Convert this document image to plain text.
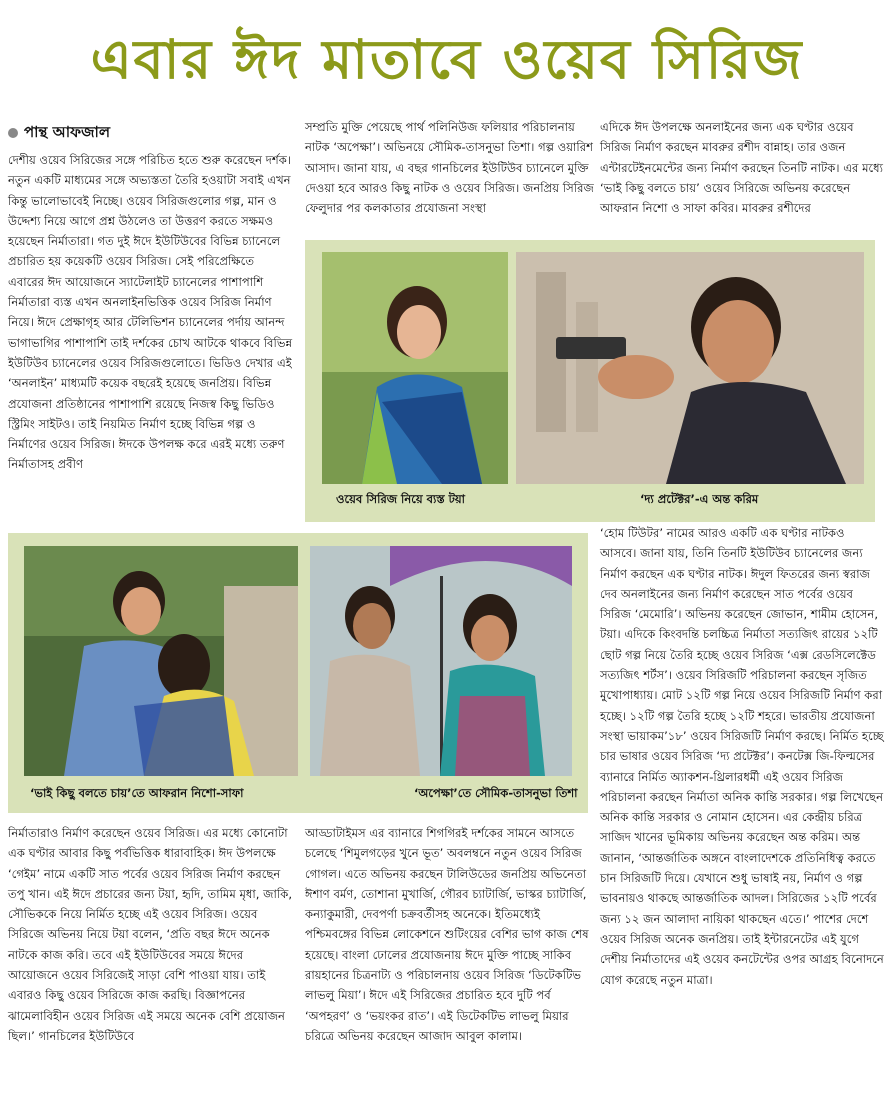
এবার ঈদ মাতাবে ওয়েব সিরিজ
পান্থ আফজাল

দেশীয় ওয়েব সিরিজের সঙ্গে পরিচিত হতে শুরু করেছেন দর্শক। নতুন একটি মাধ্যমের সঙ্গে অভ্যস্ততা তৈরি হওয়াটা সবাই এখন কিন্তু ভালোভাবেই নিচ্ছে। ওয়েব সিরিজগুলোর গল্প, মান ও উদ্দেশ্য নিয়ে আগে প্রশ্ন উঠলেও তা উত্তরণ করতে সক্ষমও হয়েছেন নির্মাতারা। গত দুই ঈদে ইউটিউবের বিভিন্ন চ্যানেলে প্রচারিত হয় কয়েকটি ওয়েব সিরিজ। সেই পরিপ্রেক্ষিতে এবারের ঈদ আয়োজনে স্যাটেলাইট চ্যানেলের পাশাপাশি নির্মাতারা ব্যস্ত এখন অনলাইনভিত্তিক ওয়েব সিরিজ নির্মাণ নিয়ে। ঈদে প্রেক্ষাগৃহ আর টেলিভিশন চ্যানেলের পর্দায় আনন্দ ভাগাভাগির পাশাপাশি তাই দর্শকের চোখ আটকে থাকবে বিভিন্ন ইউটিউব চ্যানেলের ওয়েব সিরিজগুলোতে। ভিডিও দেখার এই ‘অনলাইন’ মাধ্যমটি কয়েক বছরেই হয়েছে জনপ্রিয়। বিভিন্ন প্রযোজনা প্রতিষ্ঠানের পাশাপাশি রয়েছে নিজস্ব কিছু ভিডিও স্ট্রিমিং সাইটও। তাই নিয়মিত নির্মাণ হচ্ছে বিভিন্ন গল্প ও নির্মাণের ওয়েব সিরিজ। ঈদকে উপলক্ষ করে এরই মধ্যে তরুণ নির্মাতাসহ প্রবীণ

সম্প্রতি মুক্তি পেয়েছে পার্থ পলিনিউজ ফলিয়ার পরিচালনায় নাটক ‘অপেক্ষা’। অভিনয়ে সৌমিক-তাসনুভা তিশা। গল্প ওয়ারিশ আসাদ। জানা যায়, এ বছর গানচিলের ইউটিউব চ্যানেলে মুক্তি দেওয়া হবে আরও কিছু নাটক ও ওয়েব সিরিজ। জনপ্রিয় সিরিজ ফেলুদার পর কলকাতার প্রযোজনা সংস্থা

এদিকে ঈদ উপলক্ষে অনলাইনের জন্য এক ঘণ্টার ওয়েব সিরিজ নির্মাণ করছেন মাবরুর রশীদ বান্নাহ। তার ওজন এন্টারটেইনমেন্টের জন্য নির্মাণ করছেন তিনটি নাটক। এর মধ্যে ‘ভাই কিছু বলতে চায়’ ওয়েব সিরিজে অভিনয় করেছেন আফরান নিশো ও সাফা কবির। মাবরুর রশীদের

ওয়েব সিরিজ নিয়ে ব্যস্ত টয়া	‘দ্য প্রটেক্টর’-এ অন্ত করিম

‘হোম টিউটর’ নামের আরও একটি এক ঘণ্টার নাটকও আসবে। জানা যায়, তিনি তিনটি ইউটিউব চ্যানেলের জন্য নির্মাণ করছেন এক ঘণ্টার নাটক। ঈদুল ফিতরের জন্য স্বরাজ দেব অনলাইনের জন্য নির্মাণ করেছেন সাত পর্বের ওয়েব সিরিজ ‘মেমোরি’। অভিনয় করেছেন জোভান, শামীম হোসেন, টয়া। এদিকে কিংবদন্তি চলচ্চিত্র নির্মাতা সত্যজিৎ রায়ের ১২টি ছোট গল্প নিয়ে তৈরি হচ্ছে ওয়েব সিরিজ ‘এক্স রেডসিলেক্টেড সত্যজিৎ শর্টস’। ওয়েব সিরিজটি পরিচালনা করছেন সৃজিত মুখোপাধ্যায়। মোট ১২টি গল্প নিয়ে ওয়েব সিরিজটি নির্মাণ করা হচ্ছে। ১২টি গল্প তৈরি হচ্ছে ১২টি শহরে। ভারতীয় প্রযোজনা সংস্থা ভায়াকম’১৮’ ওয়েব সিরিজটি নির্মাণ করছে। নির্মিত হচ্ছে চার ভাষার ওয়েব সিরিজ ‘দ্য প্রটেক্টর’। কনটেক্স জি-ফিল্মসের ব্যানারে নির্মিত অ্যাকশন-থ্রিলারধর্মী এই ওয়েব সিরিজ পরিচালনা করছেন নির্মাতা অনিক কান্তি সরকার। গল্প লিখেছেন অনিক কান্তি সরকার ও নোমান হোসেন। এর কেন্দ্রীয় চরিত্র সাজিদ খানের ভূমিকায় অভিনয় করেছেন অন্ত করিম। অন্ত জানান, ‘আন্তর্জাতিক অঙ্গনে বাংলাদেশকে প্রতিনিধিত্ব করতে চান সিরিজটি দিয়ে। যেখানে শুধু ভাষাই নয়, নির্মাণ ও গল্প ভাবনায়ও থাকছে আন্তর্জাতিক আদল। সিরিজের ১২টি পর্বের জন্য ১২ জন আলাদা নায়িকা থাকছেন এতে।’ পাশের দেশে ওয়েব সিরিজ অনেক জনপ্রিয়। তাই ইন্টারনেটের এই যুগে দেশীয় নির্মাতাদের এই ওয়েব কনটেন্টের ওপর আগ্রহ বিনোদনে যোগ করেছে নতুন মাত্রা।

‘ভাই কিছু বলতে চায়’তে আফরান নিশো-সাফা	‘অপেক্ষা’তে সৌমিক-তাসনুভা তিশা

নির্মাতারাও নির্মাণ করেছেন ওয়েব সিরিজ। এর মধ্যে কোনোটা এক ঘণ্টার আবার কিছু পর্বভিত্তিক ধারাবাহিক। ঈদ উপলক্ষে ‘গেইম’ নামে একটি সাত পর্বের ওয়েব সিরিজ নির্মাণ করছেন তপু খান। এই ঈদে প্রচারের জন্য টয়া, হৃদি, তামিম মৃধা, জাকি, সৌভিককে নিয়ে নির্মিত হচ্ছে এই ওয়েব সিরিজ। ওয়েব সিরিজে অভিনয় নিয়ে টয়া বলেন, ‘প্রতি বছর ঈদে অনেক নাটকে কাজ করি। তবে এই ইউটিউবের সময়ে ঈদের আয়োজনে ওয়েব সিরিজেই সাড়া বেশি পাওয়া যায়। তাই এবারও কিছু ওয়েব সিরিজে কাজ করছি। বিজ্ঞাপনের ঝামেলাবিহীন ওয়েব সিরিজ এই সময়ে অনেক বেশি প্রয়োজন ছিল।’ গানচিলের ইউটিউবে

আড্ডাটাইমস এর ব্যানারে শিগগিরই দর্শকের সামনে আসতে চলেছে ‘শিমুলগড়ের খুনে ভূত’ অবলম্বনে নতুন ওয়েব সিরিজ গোগল। এতে অভিনয় করছেন টালিউডের জনপ্রিয় অভিনেতা ঈশাণ বর্মণ, তোশানা মুখার্জি, গৌরব চ্যাটার্জি, ভাস্কর চ্যাটার্জি, কন্যাকুমারী, দেবপর্ণা চক্রবর্তীসহ অনেকে। ইতিমধ্যেই পশ্চিমবঙ্গের বিভিন্ন লোকেশনে শুটিংয়ের বেশির ভাগ কাজ শেষ হয়েছে। বাংলা ঢোলের প্রযোজনায় ঈদে মুক্তি পাচ্ছে সাকিব রায়হানের চিত্রনাট্য ও পরিচালনায় ওয়েব সিরিজ ‘ডিটেকটিভ লাভলু মিয়া’। ঈদে এই সিরিজের প্রচারিত হবে দুটি পর্ব ‘অপহরণ’ ও ‘ভয়ংকর রাত’। এই ডিটেকটিভ লাভলু মিয়ার চরিত্রে অভিনয় করেছেন আজাদ আবুল কালাম।
